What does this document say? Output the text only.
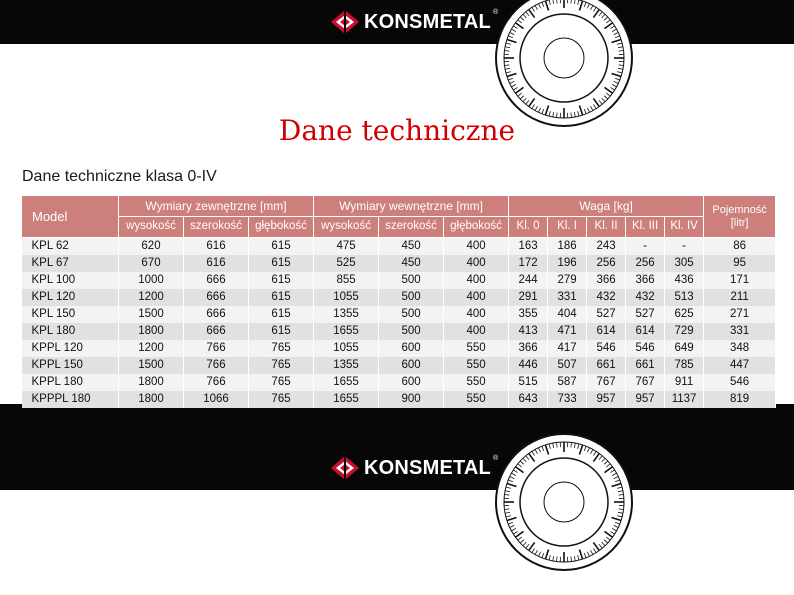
KONSMETAL ®
KONSMETAL ®
Dane techniczne

Dane techniczne klasa 0-IV

Model	Wymiary zewnętrzne [mm]			Wymiary wewnętrzne [mm]			Waga [kg]					Pojemność
[litr]
	wysokość	szerokość	głębokość	wysokość	szerokość	głębokość	Kl. 0	Kl. I	Kl. II	Kl. III	Kl. IV	
KPL 62	620	616	615	475	450	400	163	186	243	-	-	86
KPL 67	670	616	615	525	450	400	172	196	256	256	305	95
KPL 100	1000	666	615	855	500	400	244	279	366	366	436	171
KPL 120	1200	666	615	1055	500	400	291	331	432	432	513	211
KPL 150	1500	666	615	1355	500	400	355	404	527	527	625	271
KPL 180	1800	666	615	1655	500	400	413	471	614	614	729	331
KPPL 120	1200	766	765	1055	600	550	366	417	546	546	649	348
KPPL 150	1500	766	765	1355	600	550	446	507	661	661	785	447
KPPL 180	1800	766	765	1655	600	550	515	587	767	767	911	546
KPPPL 180	1800	1066	765	1655	900	550	643	733	957	957	1137	819
